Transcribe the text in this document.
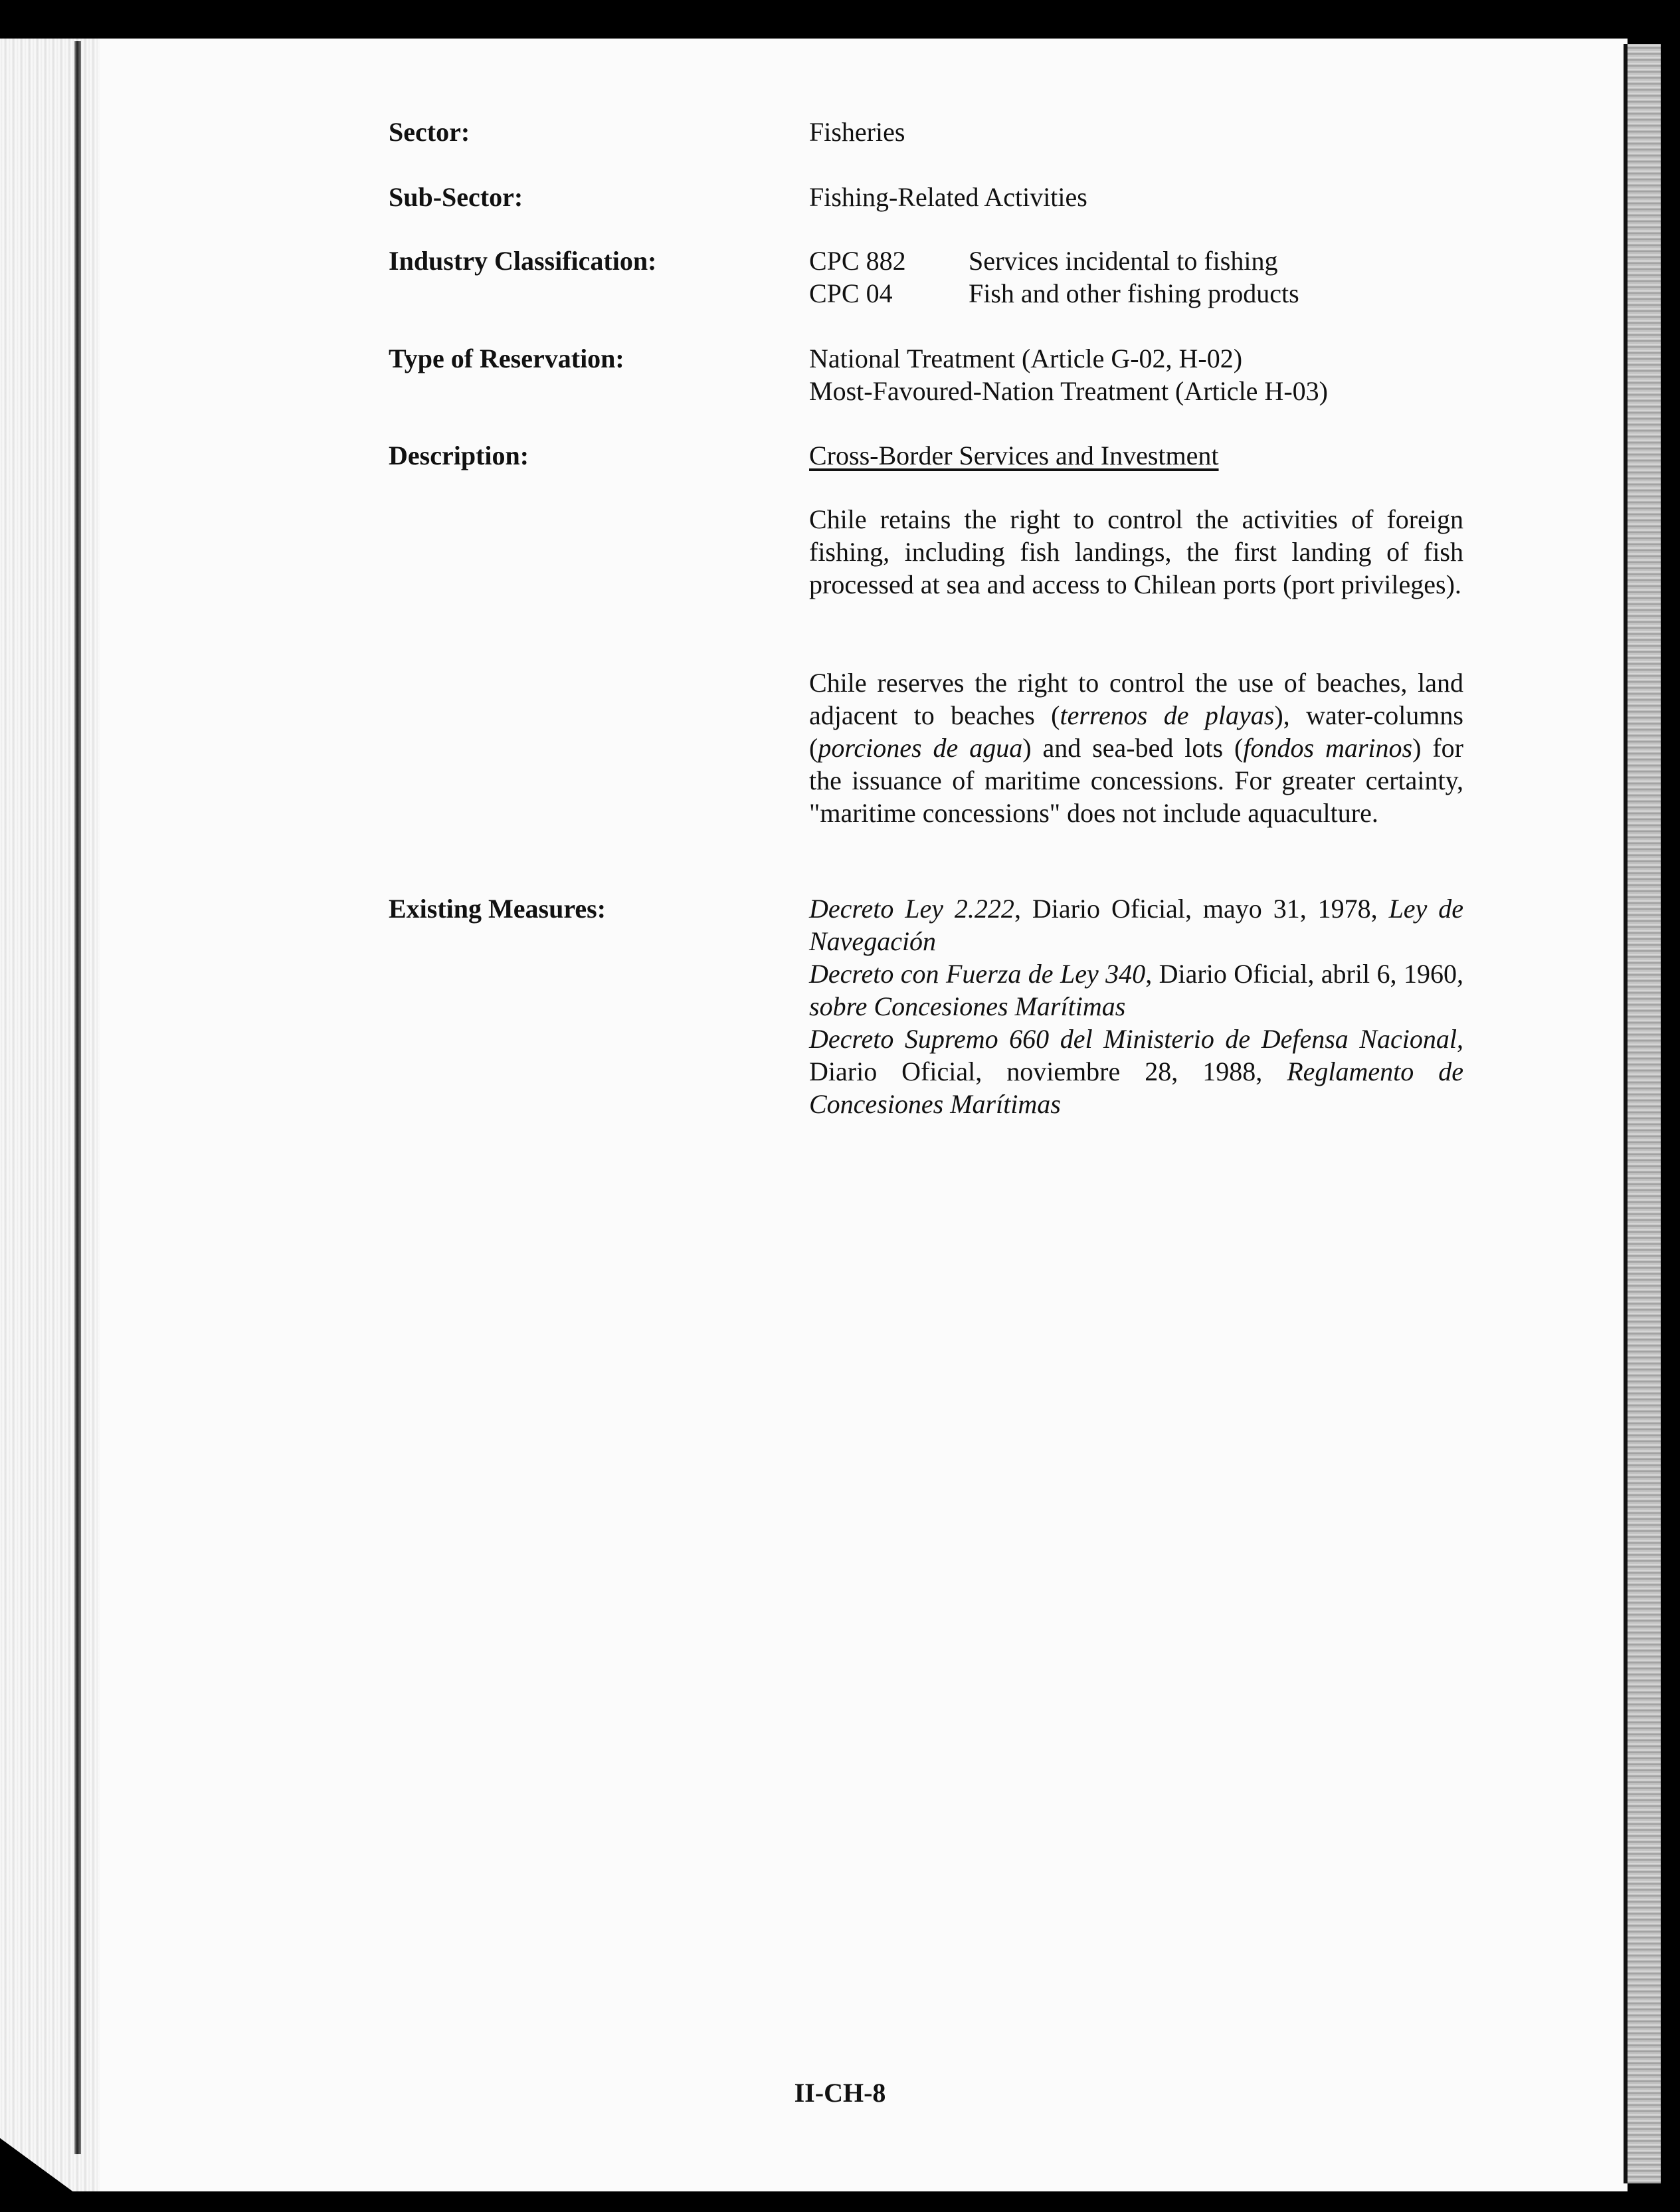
Sector:	Fisheries
Sub-Sector:	Fishing-Related Activities
Industry Classification:	CPC 882 Services incidental to fishing
CPC 04	Fish and other fishing products
Type of Reservation:	National Treatment (Article G-02, H-02)
Most-Favoured-Nation Treatment (Article H-03)
Description:	Cross-Border Services and Investment
Chile retains the right to control the activities of foreign fishing, including fish landings, the first landing of fish processed at sea and access to Chilean ports (port privileges).
Chile reserves the right to control the use of beaches, land adjacent to beaches (terrenos de playas), water-columns (porciones de agua) and sea-bed lots (fondos marinos) for the issuance of maritime concessions. For greater certainty, "maritime concessions" does not include aquaculture.
Existing Measures:	Decreto Ley 2.222, Diario Oficial, mayo 31, 1978, Ley de Navegación
Decreto con Fuerza de Ley 340, Diario Oficial, abril 6, 1960, sobre Concesiones Marítimas
Decreto Supremo 660 del Ministerio de Defensa Nacional, Diario Oficial, noviembre 28, 1988, Reglamento de Concesiones Marítimas
II-CH-8
